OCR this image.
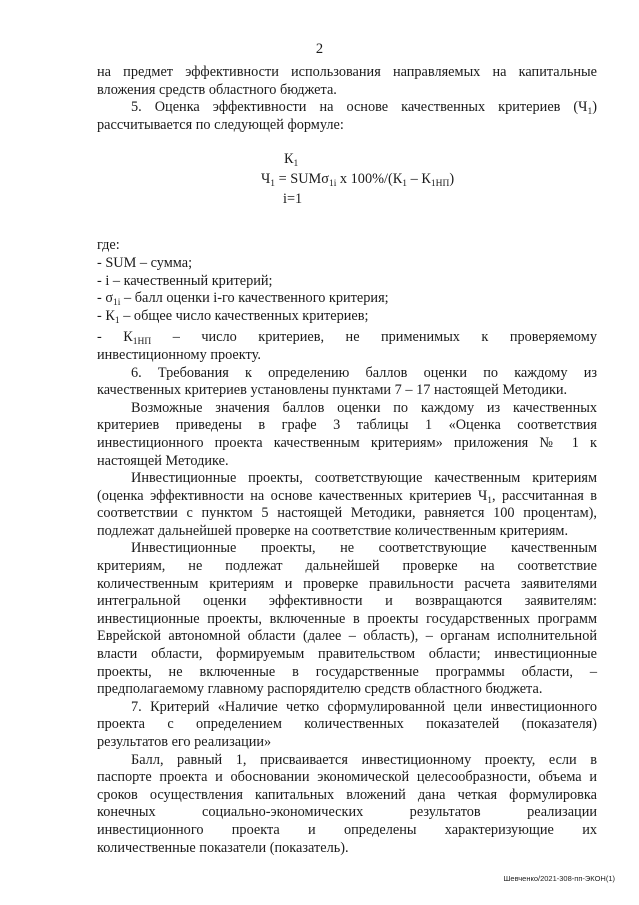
2
на предмет эффективности использования направляемых на капитальные
вложения средств областного бюджета.
5. Оценка эффективности на основе качественных критериев $(Ч_1)$
рассчитывается по следующей формуле:
$К_1$
$Ч_1 = SUM\sigma_{1i}$ x $100\%/(К_1 - К_{1НП})$
i=1
где:
- SUM – сумма;
- i – качественный критерий;
- $\sigma_{1i}$ – балл оценки i-го качественного критерия;
- $К_1$ – общее число качественных критериев;
- $К_{1НП}$ – число критериев, не применимых к проверяемому
инвестиционному проекту.
6. Требования к определению баллов оценки по каждому из
качественных критериев установлены пунктами 7 – 17 настоящей Методики.
Возможные значения баллов оценки по каждому из качественных
критериев приведены в графе 3 таблицы 1 «Оценка соответствия
инвестиционного проекта качественным критериям» приложения № 1 к
настоящей Методике.
Инвестиционные проекты, соответствующие качественным критериям
(оценка эффективности на основе качественных критериев $Ч_1$, рассчитанная в
соответствии с пунктом 5 настоящей Методики, равняется 100 процентам),
подлежат дальнейшей проверке на соответствие количественным критериям.
Инвестиционные проекты, не соответствующие качественным
критериям, не подлежат дальнейшей проверке на соответствие
количественным критериям и проверке правильности расчета заявителями
интегральной оценки эффективности и возвращаются заявителям:
инвестиционные проекты, включенные в проекты государственных программ
Еврейской автономной области (далее – область), – органам исполнительной
власти области, формируемым правительством области; инвестиционные
проекты, не включенные в государственные программы области, –
предполагаемому главному распорядителю средств областного бюджета.
7. Критерий «Наличие четко сформулированной цели инвестиционного
проекта с определением количественных показателей (показателя)
результатов его реализации»
Балл, равный 1, присваивается инвестиционному проекту, если в
паспорте проекта и обосновании экономической целесообразности, объема и
сроков осуществления капитальных вложений дана четкая формулировка
конечных социально-экономических результатов реализации
инвестиционного проекта и определены характеризующие их
количественные показатели (показатель).
Шевченко/2021-308-пп-ЭКОН(1)
